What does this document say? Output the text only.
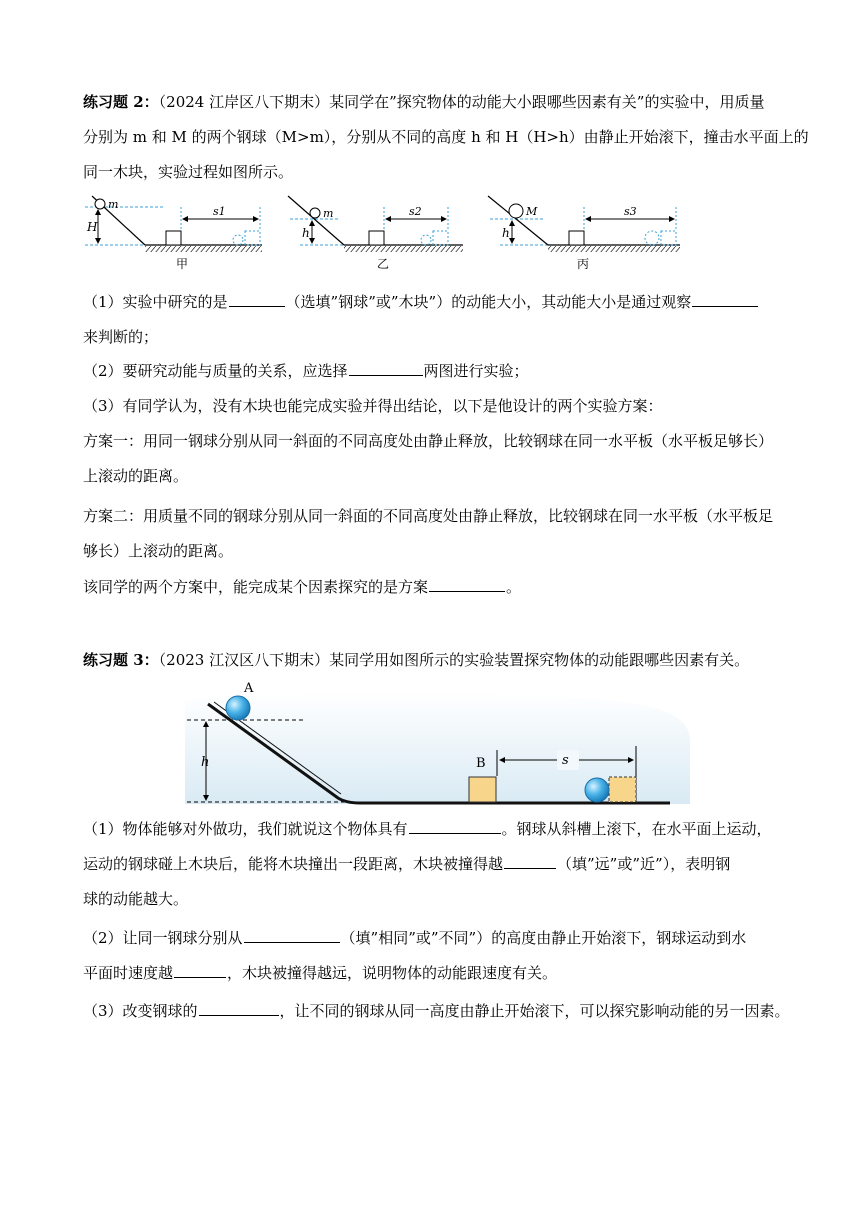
练习题 2：（2024 江岸区八下期末）某同学在”探究物体的动能大小跟哪些因素有关”的实验中，用质量
分别为 m 和 M 的两个钢球（M>m），分别从不同的高度 h 和 H（H>h）由静止开始滚下，撞击水平面上的
同一木块，实验过程如图所示。
m
H
s1
甲
m
h
s2
乙
M
h
s3
丙
（1）实验中研究的是	（选填”钢球”或”木块”）的动能大小，其动能大小是通过观察
来判断的；
（2）要研究动能与质量的关系，应选择	两图进行实验；
（3）有同学认为，没有木块也能完成实验并得出结论，以下是他设计的两个实验方案：
方案一：用同一钢球分别从同一斜面的不同高度处由静止释放，比较钢球在同一水平板（水平板足够长）
上滚动的距离。
方案二：用质量不同的钢球分别从同一斜面的不同高度处由静止释放，比较钢球在同一水平板（水平板足
够长）上滚动的距离。
该同学的两个方案中，能完成某个因素探究的是方案	。
练习题 3：（2023 江汉区八下期末）某同学用如图所示的实验装置探究物体的动能跟哪些因素有关。
h
A
B	s
（1）物体能够对外做功，我们就说这个物体具有	。钢球从斜槽上滚下，在水平面上运动，
运动的钢球碰上木块后，能将木块撞出一段距离，木块被撞得越	（填”远”或”近”），表明钢
球的动能越大。
（2）让同一钢球分别从	（填”相同”或”不同”）的高度由静止开始滚下，钢球运动到水
平面时速度越	，木块被撞得越远，说明物体的动能跟速度有关。
（3）改变钢球的	，让不同的钢球从同一高度由静止开始滚下，可以探究影响动能的另一因素。
